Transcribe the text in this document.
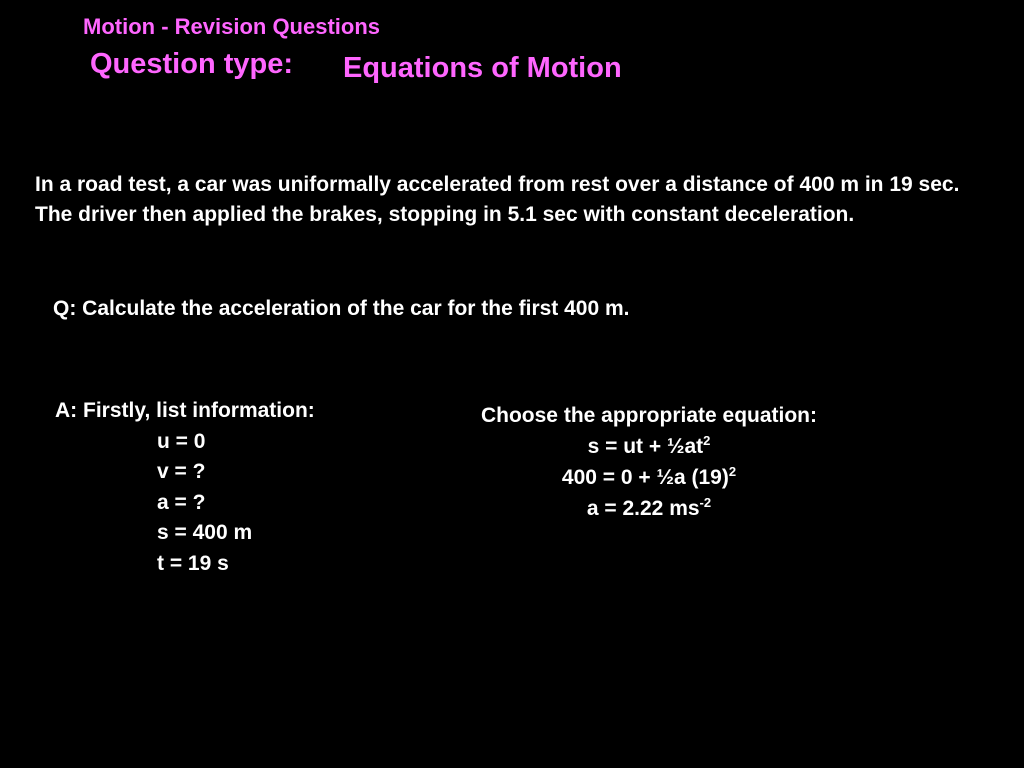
Motion - Revision Questions
Question type: Equations of Motion

In a road test, a car was uniformally accelerated from rest over a distance of 400 m in 19 sec.

The driver then applied the brakes, stopping in 5.1 sec with constant deceleration.

Q: Calculate the acceleration of the car for the first 400 m.
A: Firstly, list information:
u = 0
v = ?
a = ?
s = 400 m
t = 19 s
Choose the appropriate equation:
s = ut + $\frac{1}{2}at^2$
400 = 0 + ½a $(19)^2$
a = 2.22 $ms^{-2}$
